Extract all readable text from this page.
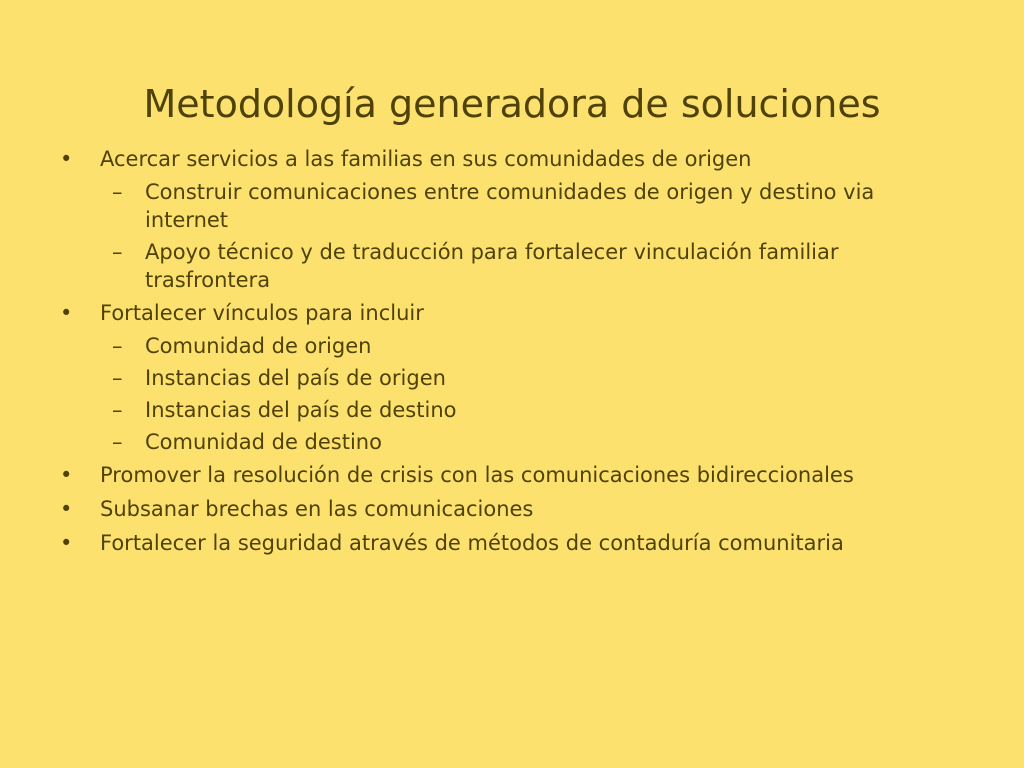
Metodología generadora de soluciones
• Acercar servicios a las familias en sus comunidades de origen
– Construir comunicaciones entre comunidades de origen y destino via internet
– Apoyo técnico y de traducción para fortalecer vinculación familiar trasfrontera
• Fortalecer vínculos para incluir
– Comunidad de origen
– Instancias del país de origen
– Instancias del país de destino
– Comunidad de destino
• Promover la resolución de crisis con las comunicaciones bidireccionales
• Subsanar brechas en las comunicaciones
• Fortalecer la seguridad através de métodos de contaduría comunitaria
